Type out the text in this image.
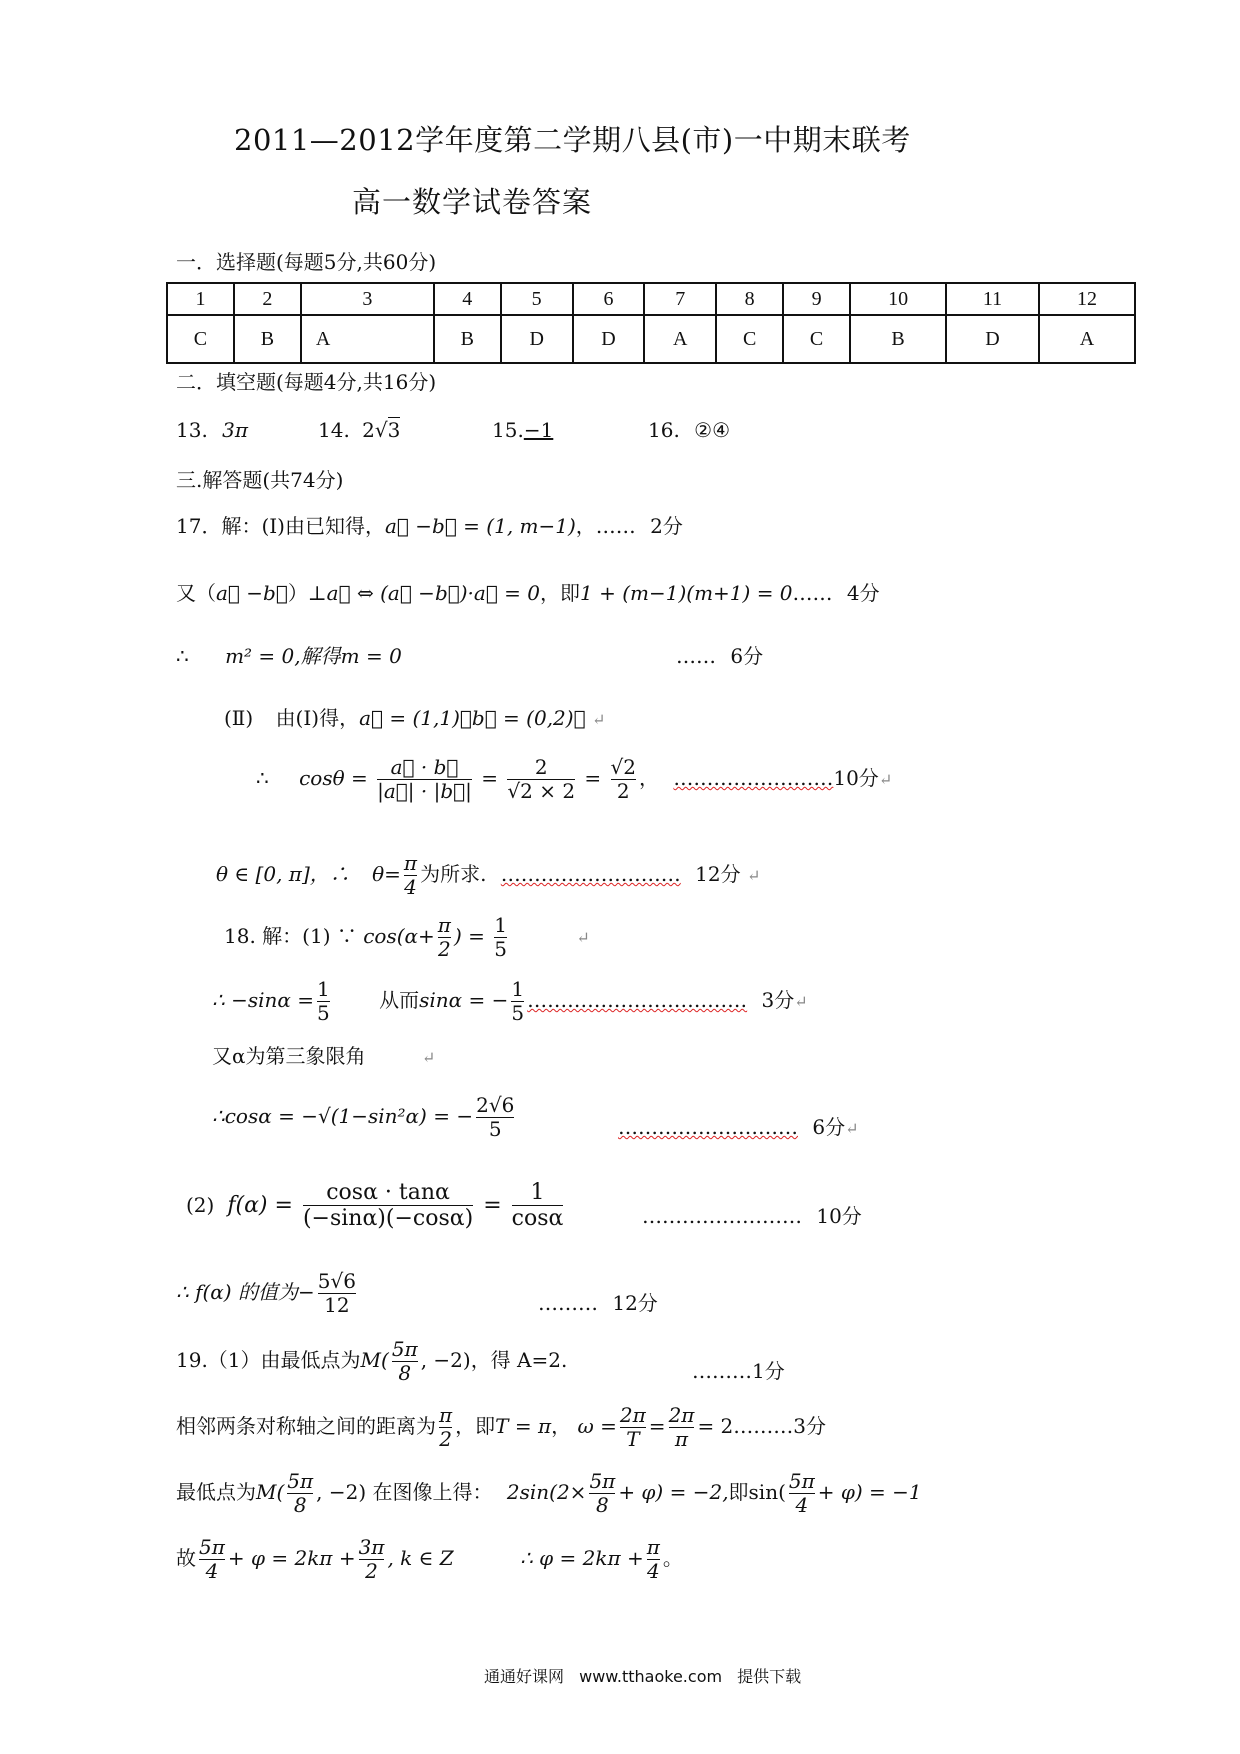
2011—2012学年度第二学期八县(市)一中期末联考
高一数学试卷答案
一．选择题(每题5分,共60分)
1	2	3	4	5	6	7	8	9	10	11	12
C	B	A	B	D	D	A	C	C	B	D	A
二．填空题(每题4分,共16分)
13. 3π	14. 2√3	15.−1	16. ②④
三.解答题(共74分)
17．解：(Ⅰ)由已知得，a⃗ −b⃗ = (1, m−1)，…… 2分
又（a⃗ −b⃗）⊥a⃗ ⇔ (a⃗ −b⃗)·a⃗ = 0，即1 + (m−1)(m+1) = 0…… 4分
∴ m² = 0,解得m = 0	…… 6分
(Ⅱ) 由(Ⅰ)得，a⃗ = (1,1)，b⃗ = (0,2)， ↵
∴ $\cos\theta = \frac{a⃗ \cdot b⃗}{|a⃗| \cdot |b⃗|} = \frac{2}{√2 \times 2} = \frac{√2}{2}$ ， ……………………10分↵
θ ∈ [0, π]，∴ $\theta= \frac{\pi}{4}$ 为所求. ……………………… 12分 ↵
18. 解：(1) ∵ $\cos(\alpha+ \frac{\pi}{2}$ ) = $\frac{1}{5}$	↵
∴ $-\sin\alpha = \frac{1}{5}$ 从而sinα = − $\frac{1}{5}$ …………………………… 3分↵
又α为第三象限角	↵
∴cosα = −√(1−sin²α) = − $\frac{2√6}{5}$	……………………… 6分↵
(2) $f(\alpha) = \frac{\cos\alpha \cdot \tan\alpha}{(-\sin\alpha)(-\cos\alpha)} = \frac{1}{\cos\alpha}$	…………………… 10分
∴ f(α) 的值为− $\frac{5√6}{12}$	……… 12分
19.（1）由最低点为$M( \frac{5\pi}{8}$ , −2)，得 A=2.	………1分
相邻两条对称轴之间的距离为 $\frac{\pi}{2}$ ，即T = π， $\omega = \frac{2\pi}{T} = \frac{2\pi}{\pi}$ = 2………3分
最低点为$M( \frac{5\pi}{8}$ , −2) 在图像上得： $2\sin(2\times \frac{5\pi}{8} + \varphi) = -2$,即$\sin( \frac{5\pi}{4} + \varphi) = -1$
故 $\frac{5\pi}{4} + \varphi = 2k\pi + \frac{3\pi}{2}$ , k ∈ Z	∴ $\varphi = 2k\pi + \frac{\pi}{4}$ 。
通通好课网 www.tthaoke.com 提供下载
